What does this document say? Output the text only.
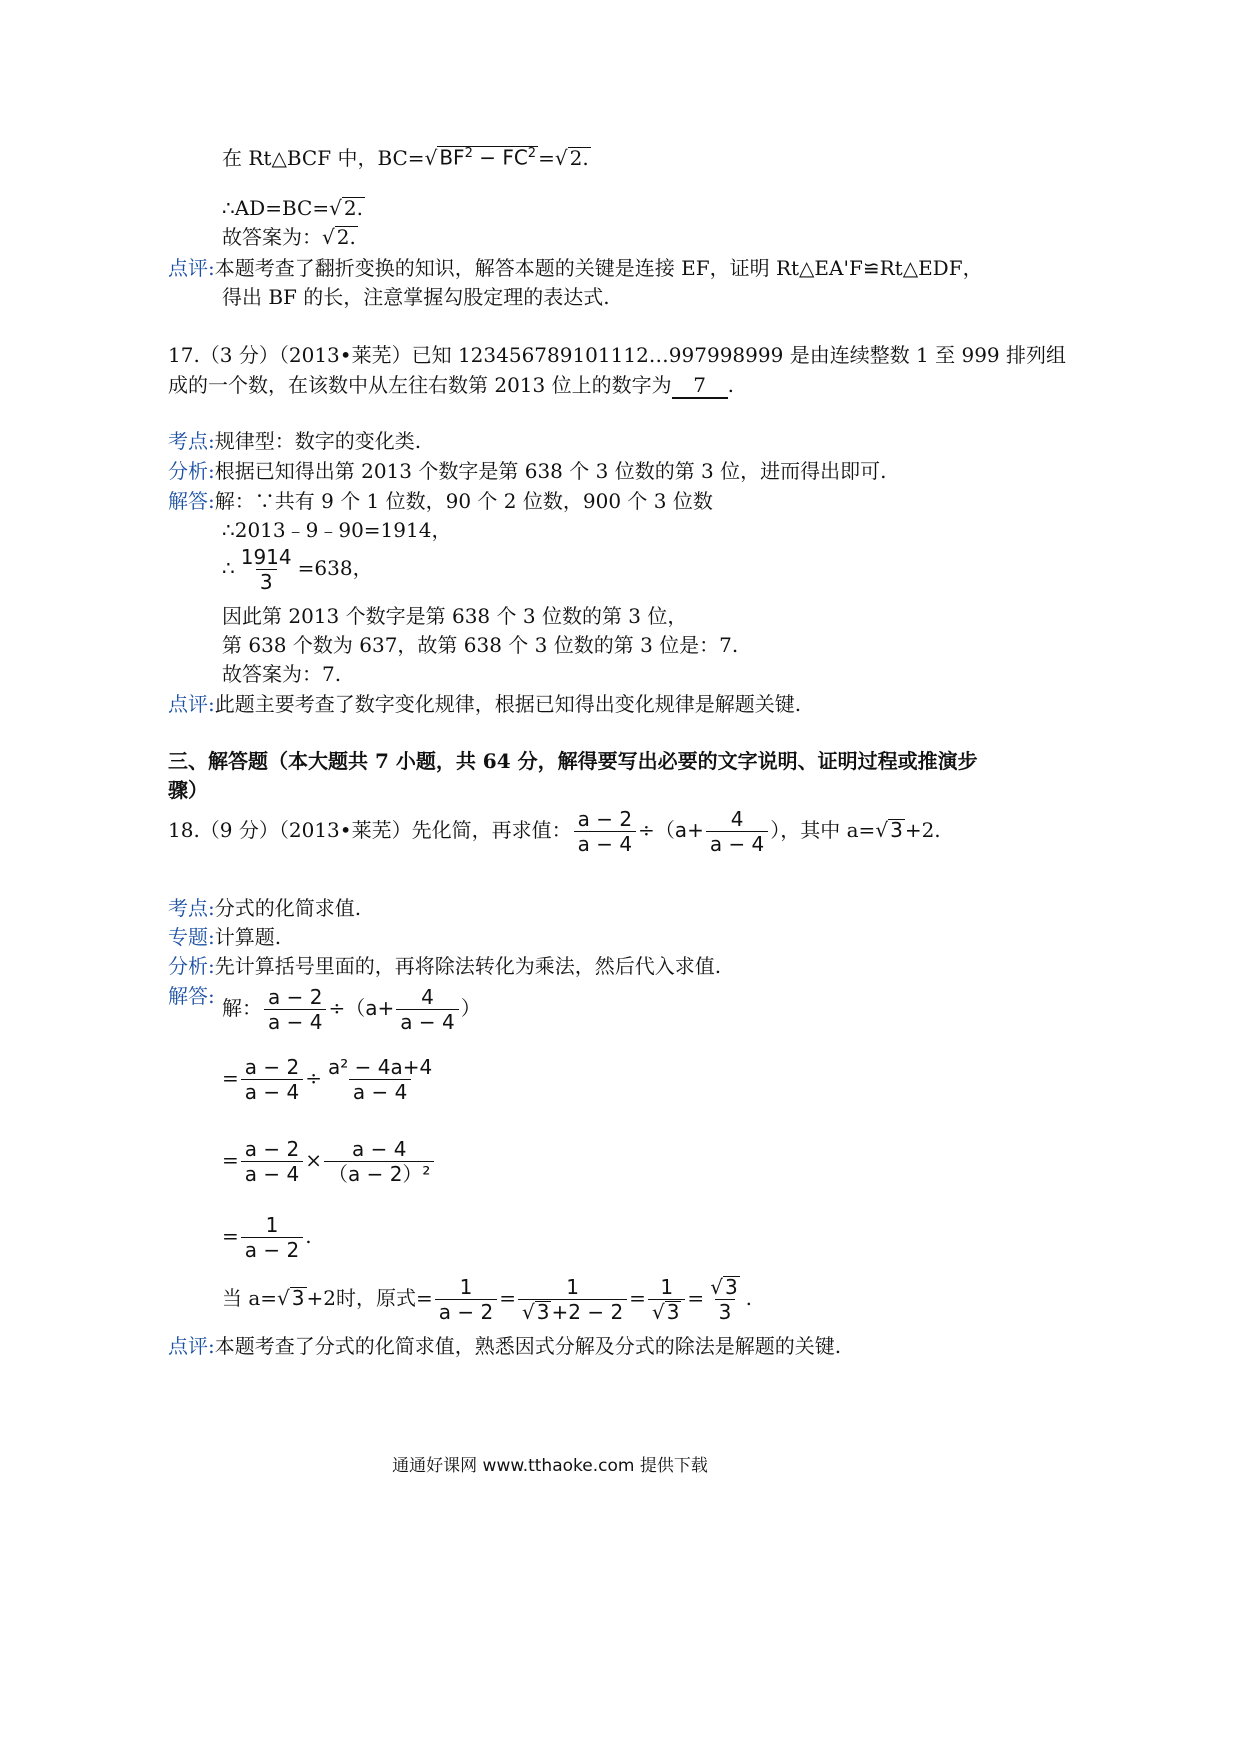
在 Rt△BCF 中，BC=√ $BF^2 - FC^2$ =√ 2.
∴AD=BC=√ 2.
故答案为：√ 2.
点评:本题考查了翻折变换的知识，解答本题的关键是连接 EF，证明 Rt△EA'F≌Rt△EDF，
得出 BF 的长，注意掌握勾股定理的表达式.
17.（3 分）（2013•莱芜）已知 123456789101112…997998999 是由连续整数 1 至 999 排列组
成的一个数，在该数中从左往右数第 2013 位上的数字为 7 .
考点:规律型：数字的变化类.
分析:根据已知得出第 2013 个数字是第 638 个 3 位数的第 3 位，进而得出即可.
解答:解：∵共有 9 个 1 位数，90 个 2 位数，900 个 3 位数
∴2013﹣9﹣90=1914，
∴ $\frac{1914}{3} =638$，
因此第 2013 个数字是第 638 个 3 位数的第 3 位，
第 638 个数为 637，故第 638 个 3 位数的第 3 位是：7.
故答案为：7.
点评:此题主要考查了数字变化规律，根据已知得出变化规律是解题关键.
三、解答题（本大题共 7 小题，共 64 分，解得要写出必要的文字说明、证明过程或推演步
骤）
18.（9 分）（2013•莱芜）先化简，再求值： $\frac{a - 2}{a - 4} \div(a+ \frac{4}{a - 4}$ ），其中 a=√ 3 +2.
考点:分式的化简求值.
专题:计算题.
分析:先计算括号里面的，再将除法转化为乘法，然后代入求值.
解答: 解： $\frac{a - 2}{a - 4} \div(a+ \frac{4}{a - 4}$ ）
= $\frac{a - 2}{a - 4} \div \frac{\text{a² − 4a+4}}{a - 4}$
= $\frac{a - 2}{a - 4} \times \frac{a - 4}{\text{（a − 2）²}}$
= $\frac{1}{a - 2}$ .
当 a=√ 3 +2时，原式= $\frac{1}{a - 2} = \frac{1}{√ 3 +2 - 2} = \frac{1}{√ 3} = \frac{√ 3}{3}$ .
点评:本题考查了分式的化简求值，熟悉因式分解及分式的除法是解题的关键.
通通好课网 www.tthaoke.com 提供下载
